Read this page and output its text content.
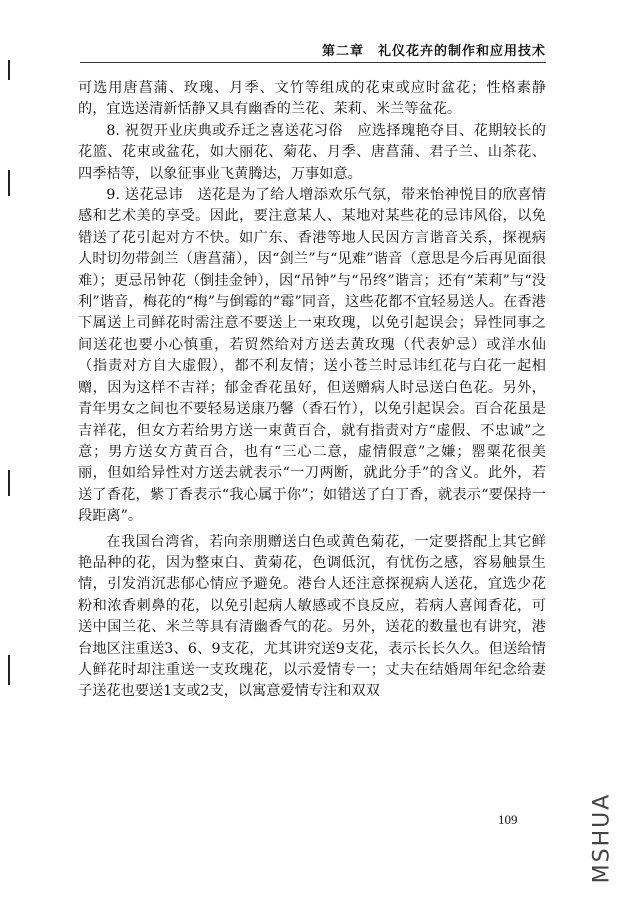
第二章　礼仪花卉的制作和应用技术

可选用唐菖蒲、玫瑰、月季、文竹等组成的花束或应时盆花；性格素静的，宜选送清新恬静又具有幽香的兰花、茉莉、米兰等盆花。

8. 祝贺开业庆典或乔迁之喜送花习俗　应选择瑰艳夺目、花期较长的花篮、花束或盆花，如大丽花、菊花、月季、唐菖蒲、君子兰、山茶花、四季桔等，以象征事业飞黄腾达，万事如意。

9. 送花忌讳　送花是为了给人增添欢乐气氛，带来怡神悦目的欣喜情感和艺术美的享受。因此，要注意某人、某地对某些花的忌讳风俗，以免错送了花引起对方不快。如广东、香港等地人民因方言谐音关系，探视病人时切勿带剑兰（唐菖蒲），因“剑兰”与“见难”谐音（意思是今后再见面很难）；更忌吊钟花（倒挂金钟），因“吊钟”与“吊终”谐言；还有“茉莉”与“没利”谐音，梅花的“梅”与倒霉的“霉”同音，这些花都不宜轻易送人。在香港下属送上司鲜花时需注意不要送上一束玫瑰，以免引起误会；异性同事之间送花也要小心慎重，若贸然给对方送去黄玫瑰（代表妒忌）或洋水仙（指责对方自大虚假），都不利友情；送小苍兰时忌讳红花与白花一起相赠，因为这样不吉祥；郁金香花虽好，但送赠病人时忌送白色花。另外，青年男女之间也不要轻易送康乃馨（香石竹），以免引起误会。百合花虽是吉祥花，但女方若给男方送一束黄百合，就有指责对方“虚假、不忠诚”之意；男方送女方黄百合，也有“三心二意，虚情假意”之嫌；罂粟花很美丽，但如给异性对方送去就表示“一刀两断，就此分手”的含义。此外，若送了香花，紫丁香表示“我心属于你”；如错送了白丁香，就表示“要保持一段距离”。

在我国台湾省，若向亲朋赠送白色或黄色菊花，一定要搭配上其它鲜艳品种的花，因为整束白、黄菊花，色调低沉，有忧伤之感，容易触景生情，引发消沉悲郁心情应予避免。港台人还注意探视病人送花，宜选少花粉和浓香刺鼻的花，以免引起病人敏感或不良反应，若病人喜闻香花，可送中国兰花、米兰等具有清幽香气的花。另外，送花的数量也有讲究，港台地区注重送3、6、9支花，尤其讲究送9支花，表示长长久久。但送给情人鲜花时却注重送一支玫瑰花，以示爱情专一；丈夫在结婚周年纪念给妻子送花也要送1支或2支，以寓意爱情专注和双双

109	MSHUA
